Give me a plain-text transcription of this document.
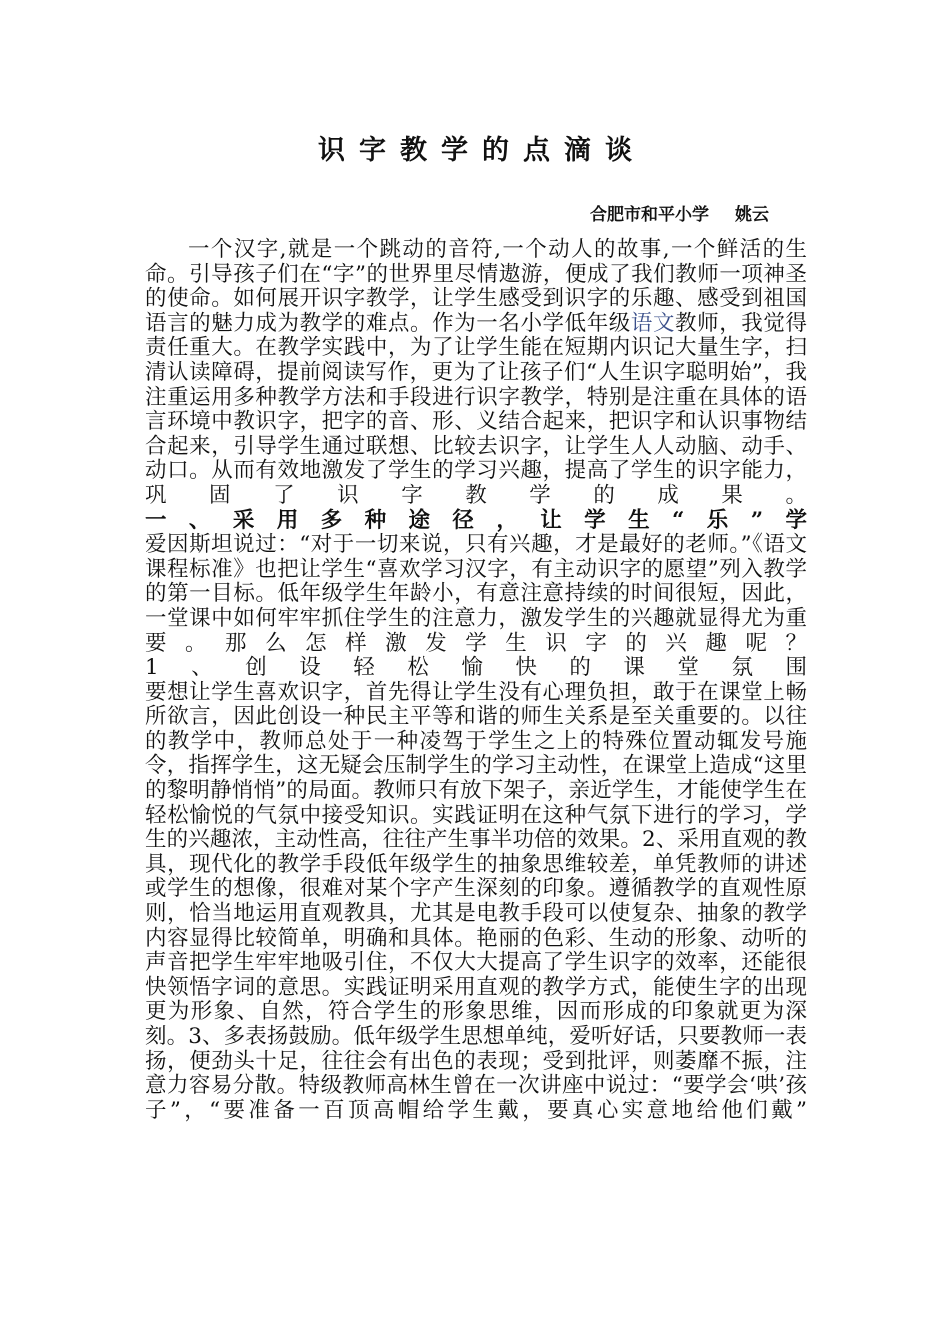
识字教学的点滴谈
合肥市和平小学 姚云

一个汉字,就是一个跳动的音符,一个动人的故事,一个鲜活的生命。引导孩子们在“字”的世界里尽情遨游，便成了我们教师一项神圣的使命。如何展开识字教学，让学生感受到识字的乐趣、感受到祖国语言的魅力成为教学的难点。作为一名小学低年级语文教师，我觉得责任重大。在教学实践中，为了让学生能在短期内识记大量生字，扫清认读障碍，提前阅读写作，更为了让孩子们“人生识字聪明始”，我注重运用多种教学方法和手段进行识字教学，特别是注重在具体的语言环境中教识字，把字的音、形、义结合起来，把识字和认识事物结合起来，引导学生通过联想、比较去识字，让学生人人动脑、动手、动口。从而有效地激发了学生的学习兴趣，提高了学生的识字能力，巩固了识字教学的成果。

一、采用多种途径，让学生“乐”学

爱因斯坦说过：“对于一切来说，只有兴趣，才是最好的老师。”《语文课程标准》也把让学生“喜欢学习汉字，有主动识字的愿望”列入教学的第一目标。低年级学生年龄小，有意注意持续的时间很短，因此，一堂课中如何牢牢抓住学生的注意力，激发学生的兴趣就显得尤为重要。那么怎样激发学生识字的兴趣呢？

1、创设轻松愉快的课堂氛围

要想让学生喜欢识字，首先得让学生没有心理负担，敢于在课堂上畅所欲言，因此创设一种民主平等和谐的师生关系是至关重要的。以往的教学中，教师总处于一种凌驾于学生之上的特殊位置动辄发号施令，指挥学生，这无疑会压制学生的学习主动性，在课堂上造成“这里的黎明静悄悄”的局面。教师只有放下架子，亲近学生，才能使学生在轻松愉悦的气氛中接受知识。实践证明在这种气氛下进行的学习，学生的兴趣浓，主动性高，往往产生事半功倍的效果。2、采用直观的教具，现代化的教学手段低年级学生的抽象思维较差，单凭教师的讲述或学生的想像，很难对某个字产生深刻的印象。遵循教学的直观性原则，恰当地运用直观教具，尤其是电教手段可以使复杂、抽象的教学内容显得比较简单，明确和具体。艳丽的色彩、生动的形象、动听的声音把学生牢牢地吸引住，不仅大大提高了学生识字的效率，还能很快领悟字词的意思。实践证明采用直观的教学方式，能使生字的出现更为形象、自然，符合学生的形象思维，因而形成的印象就更为深刻。3、多表扬鼓励。低年级学生思想单纯，爱听好话，只要教师一表扬，便劲头十足，往往会有出色的表现；受到批评，则萎靡不振，注意力容易分散。特级教师高林生曾在一次讲座中说过：“要学会‘哄’孩子”，“要准备一百顶高帽给学生戴，要真心实意地给他们戴”
